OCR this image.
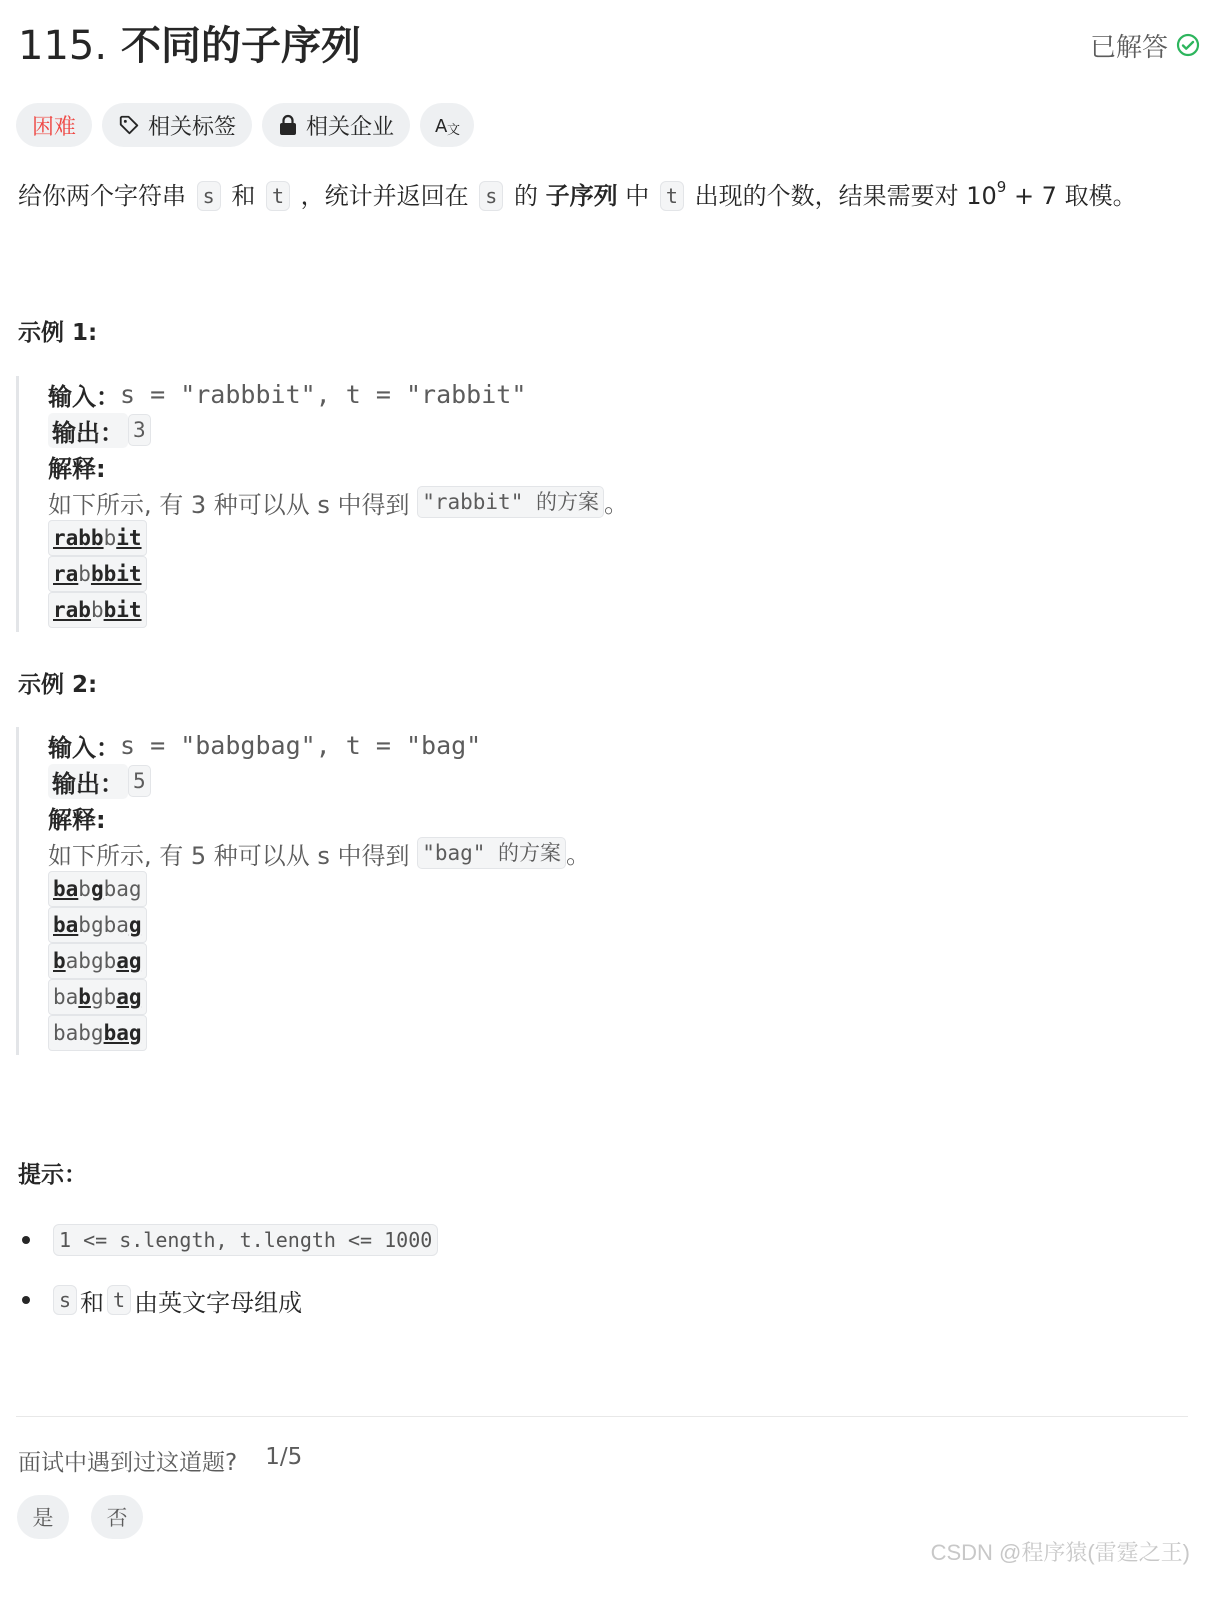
115. 不同的子序列	已解答
困难	相关标签	相关企业 A 文
给你两个字符串 s 和 t ，统计并返回在 s 的 子序列 中 t 出现的个数，结果需要对 $10^9 + 7$ 取模。
示例 1:
输入： s = "rabbbit", t = "rabbit"
输出： 3
解释:
如下所示, 有 3 种可以从 s 中得到 "rabbit" 的方案 。
rabbbit
rabbbit
rabbbit
示例 2:
输入： s = "babgbag", t = "bag"
输出： 5
解释:
如下所示, 有 5 种可以从 s 中得到 "bag" 的方案 。
babgbag
babgbag
babgbag
babgbag
babgbag
提示：
1 <= s.length, t.length <= 1000
s 和 t 由英文字母组成
面试中遇到过这道题? 1/5
是	否
CSDN @程序猿(雷霆之王)
